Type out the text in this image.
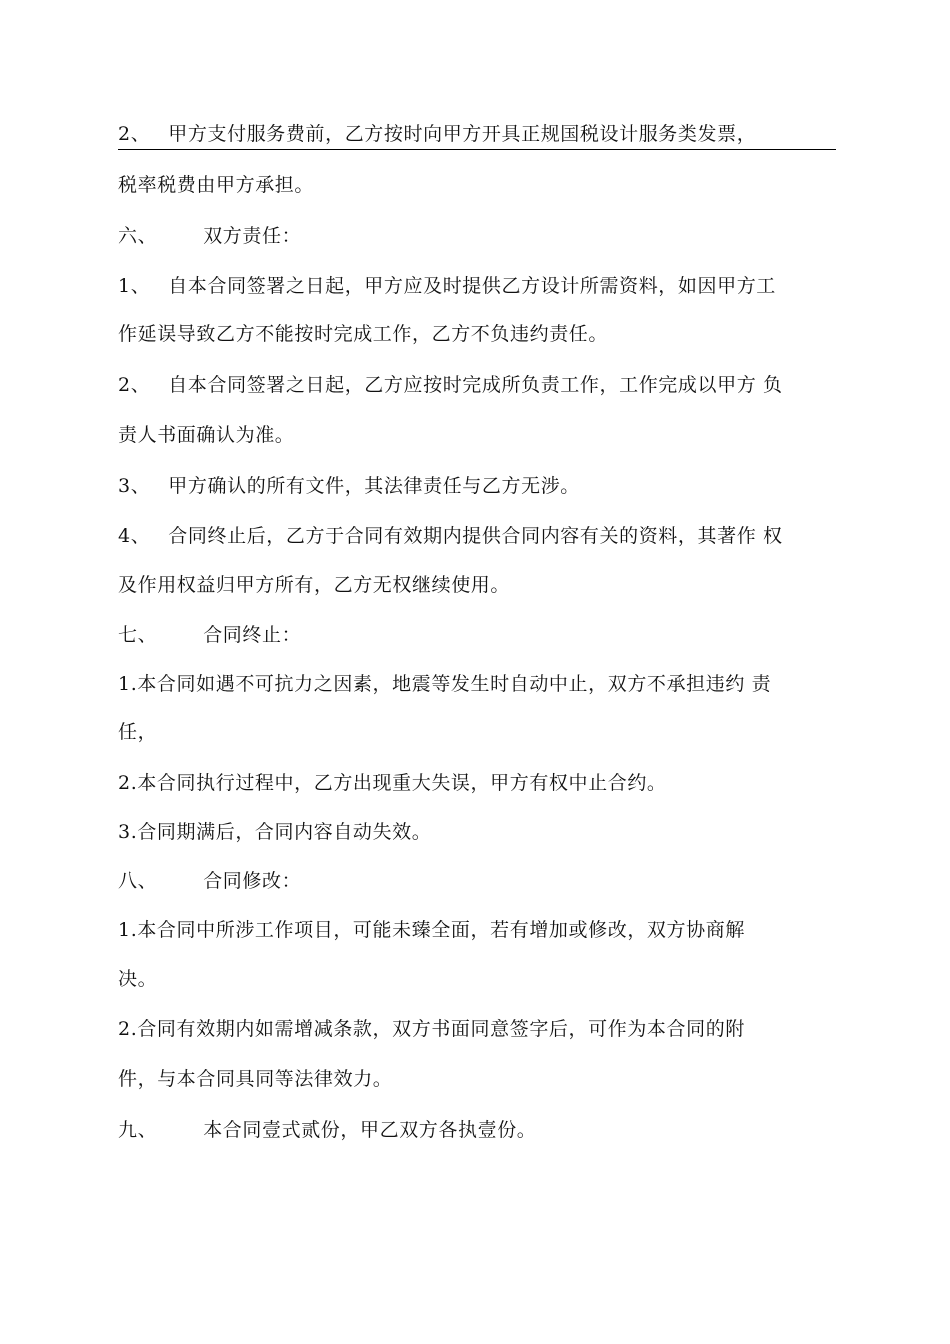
2、 甲方支付服务费前，乙方按时向甲方开具正规国税设计服务类发票，
税率税费由甲方承担。
六、 双方责任：
1、 自本合同签署之日起，甲方应及时提供乙方设计所需资料，如因甲方工
作延误导致乙方不能按时完成工作，乙方不负违约责任。
2、 自本合同签署之日起，乙方应按时完成所负责工作，工作完成以甲方 负
责人书面确认为准。
3、 甲方确认的所有文件，其法律责任与乙方无涉。
4、 合同终止后，乙方于合同有效期内提供合同内容有关的资料，其著作 权
及作用权益归甲方所有，乙方无权继续使用。
七、 合同终止：
1.本合同如遇不可抗力之因素，地震等发生时自动中止，双方不承担违约 责
任，
2.本合同执行过程中，乙方出现重大失误，甲方有权中止合约。
3.合同期满后，合同内容自动失效。
八、 合同修改：
1.本合同中所涉工作项目，可能未臻全面，若有增加或修改，双方协商解
决。
2.合同有效期内如需增减条款，双方书面同意签字后，可作为本合同的附
件，与本合同具同等法律效力。
九、 本合同壹式贰份，甲乙双方各执壹份。
